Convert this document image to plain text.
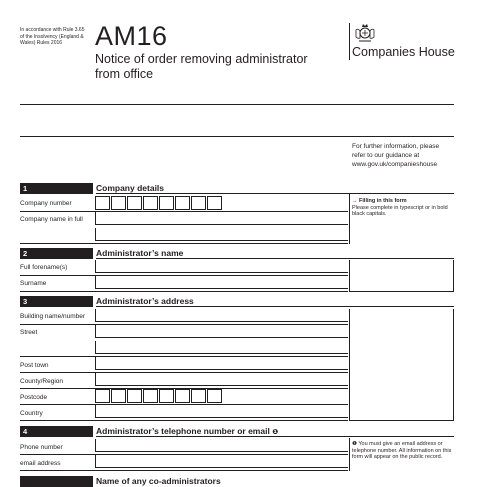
In accordance with Rule 3.65 of the Insolvency (England & Wales) Rules 2016	AM16
Notice of order removing administrator from office
Companies House
For further information, please refer to our guidance at www.gov.uk/companieshouse
1	Company details
Company number
Company name in full
→ Filling in this form
Please complete in typescript or in bold black capitals.
2	Administrator’s name
Full forename(s)
Surname
3	Administrator’s address
Building name/number
Street
Post town
County/Region
Postcode
Country
4	Administrator’s telephone number or email ❶
Phone number
email address
❶ You must give an email address or telephone number. All information on this form will appear on the public record.
Name of any co-administrators
